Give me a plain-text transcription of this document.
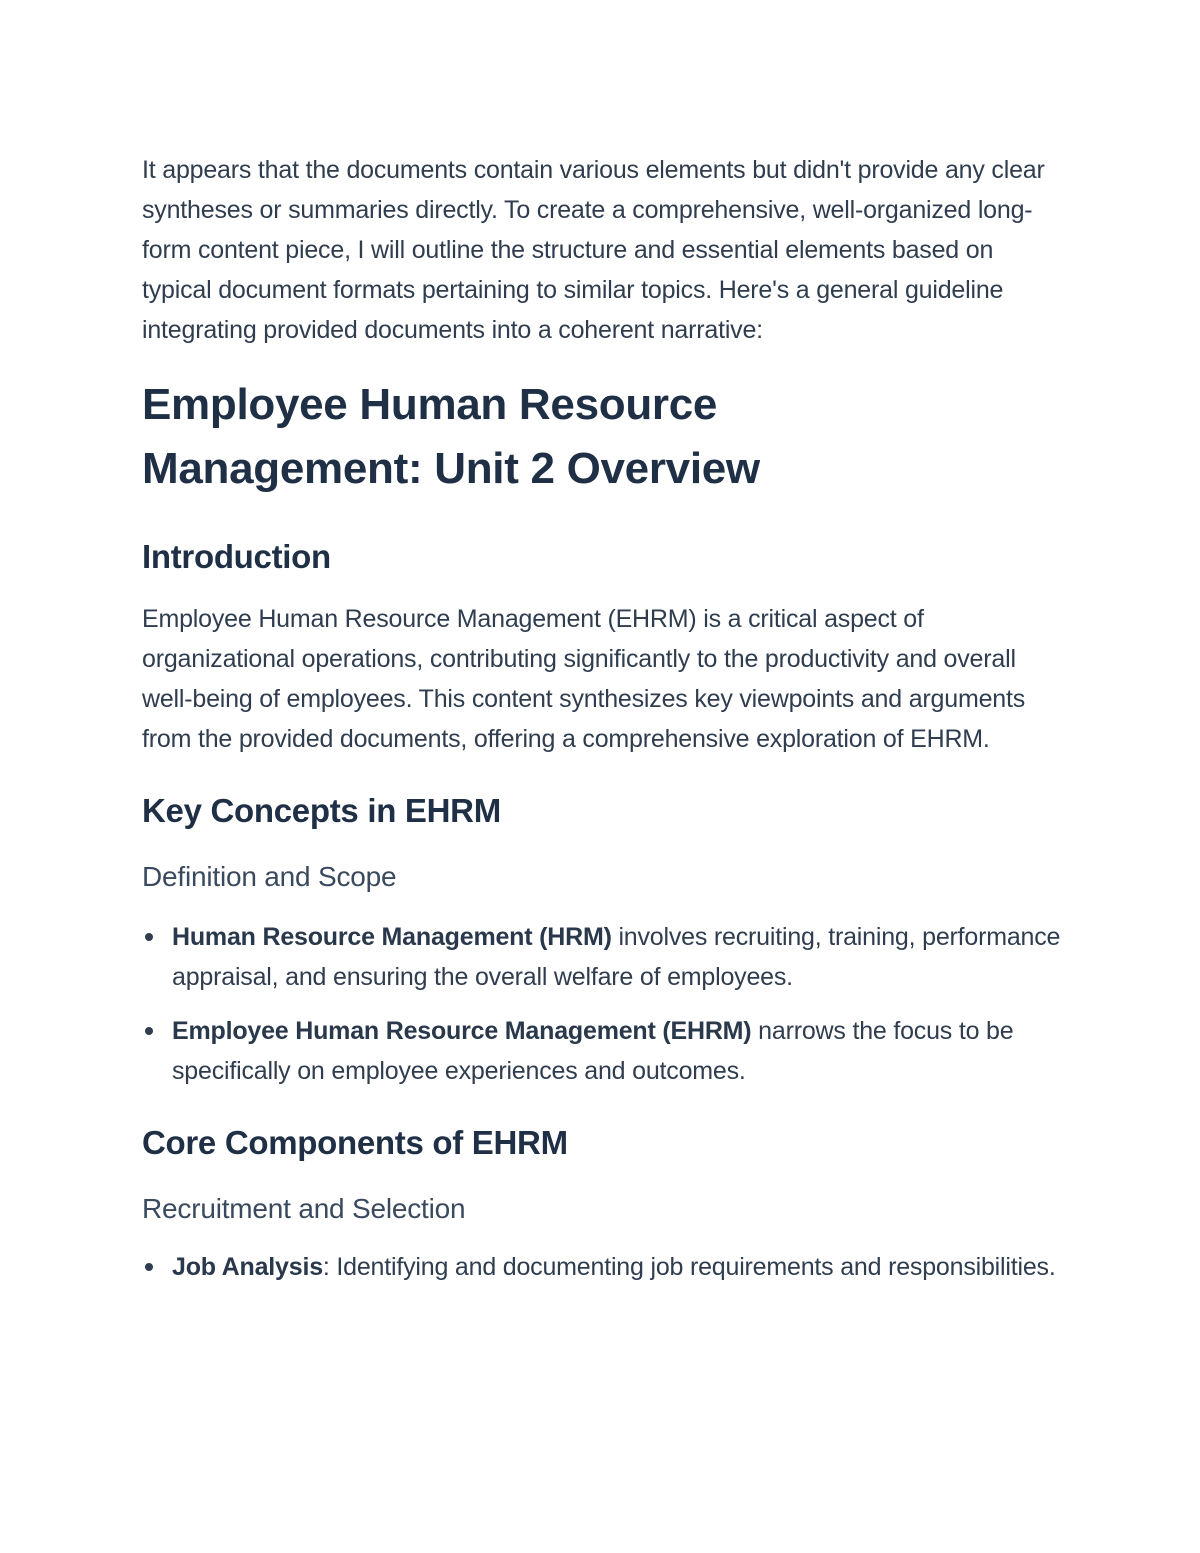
It appears that the documents contain various elements but didn't provide any clear syntheses or summaries directly. To create a comprehensive, well-organized long-form content piece, I will outline the structure and essential elements based on typical document formats pertaining to similar topics. Here's a general guideline integrating provided documents into a coherent narrative:

Employee Human Resource
Management: Unit 2 Overview
Introduction

Employee Human Resource Management (EHRM) is a critical aspect of organizational operations, contributing significantly to the productivity and overall well-being of employees. This content synthesizes key viewpoints and arguments from the provided documents, offering a comprehensive exploration of EHRM.

Key Concepts in EHRM
Definition and Scope
Human Resource Management (HRM) involves recruiting, training, performance appraisal, and ensuring the overall welfare of employees.
Employee Human Resource Management (EHRM) narrows the focus to be specifically on employee experiences and outcomes.
Core Components of EHRM
Recruitment and Selection
Job Analysis: Identifying and documenting job requirements and responsibilities.
